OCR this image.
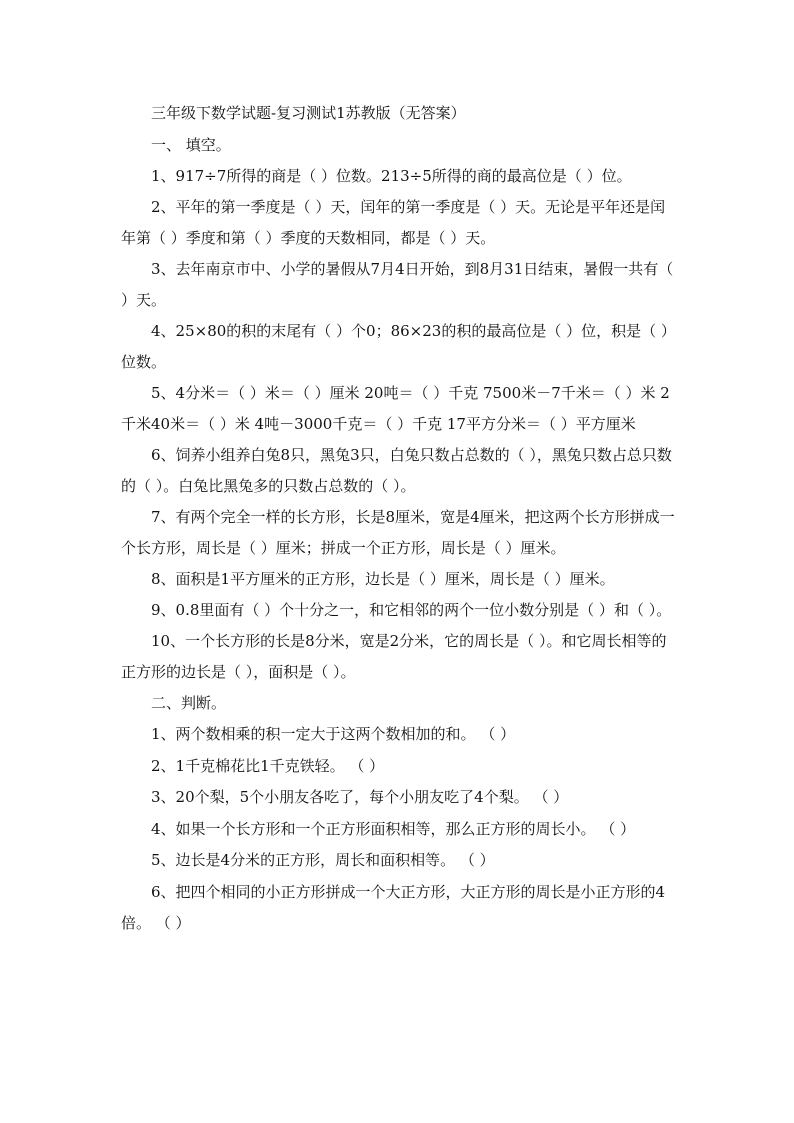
三年级下数学试题-复习测试1苏教版（无答案）

一、 填空。

1、917÷7所得的商是（ ）位数。213÷5所得的商的最高位是（ ）位。

2、平年的第一季度是（ ）天，闰年的第一季度是（ ）天。无论是平年还是闰年第（ ）季度和第（ ）季度的天数相同，都是（ ）天。

3、去年南京市中、小学的暑假从7月4日开始，到8月31日结束，暑假一共有（ ）天。

4、25×80的积的末尾有（ ）个0；86×23的积的最高位是（ ）位，积是（ ）位数。

5、4分米＝（ ）米＝（ ）厘米 20吨＝（ ）千克 7500米－7千米＝（ ）米 2千米40米＝（ ）米 4吨－3000千克＝（ ）千克 17平方分米＝（ ）平方厘米

6、饲养小组养白兔8只，黑兔3只，白兔只数占总数的（ ），黑兔只数占总只数的（ ）。白兔比黑兔多的只数占总数的（ ）。

7、有两个完全一样的长方形，长是8厘米，宽是4厘米，把这两个长方形拼成一个长方形，周长是（ ）厘米；拼成一个正方形，周长是（ ）厘米。

8、面积是1平方厘米的正方形，边长是（ ）厘米，周长是（ ）厘米。

9、0.8里面有（ ）个十分之一，和它相邻的两个一位小数分别是（ ）和（ ）。

10、一个长方形的长是8分米，宽是2分米，它的周长是（ ）。和它周长相等的正方形的边长是（ ），面积是（ ）。

二、判断。

1、两个数相乘的积一定大于这两个数相加的和。 （ ）

2、1千克棉花比1千克铁轻。 （ ）

3、20个梨，5个小朋友各吃了，每个小朋友吃了4个梨。 （ ）

4、如果一个长方形和一个正方形面积相等，那么正方形的周长小。 （ ）

5、边长是4分米的正方形，周长和面积相等。 （ ）

6、把四个相同的小正方形拼成一个大正方形，大正方形的周长是小正方形的4倍。 （ ）
